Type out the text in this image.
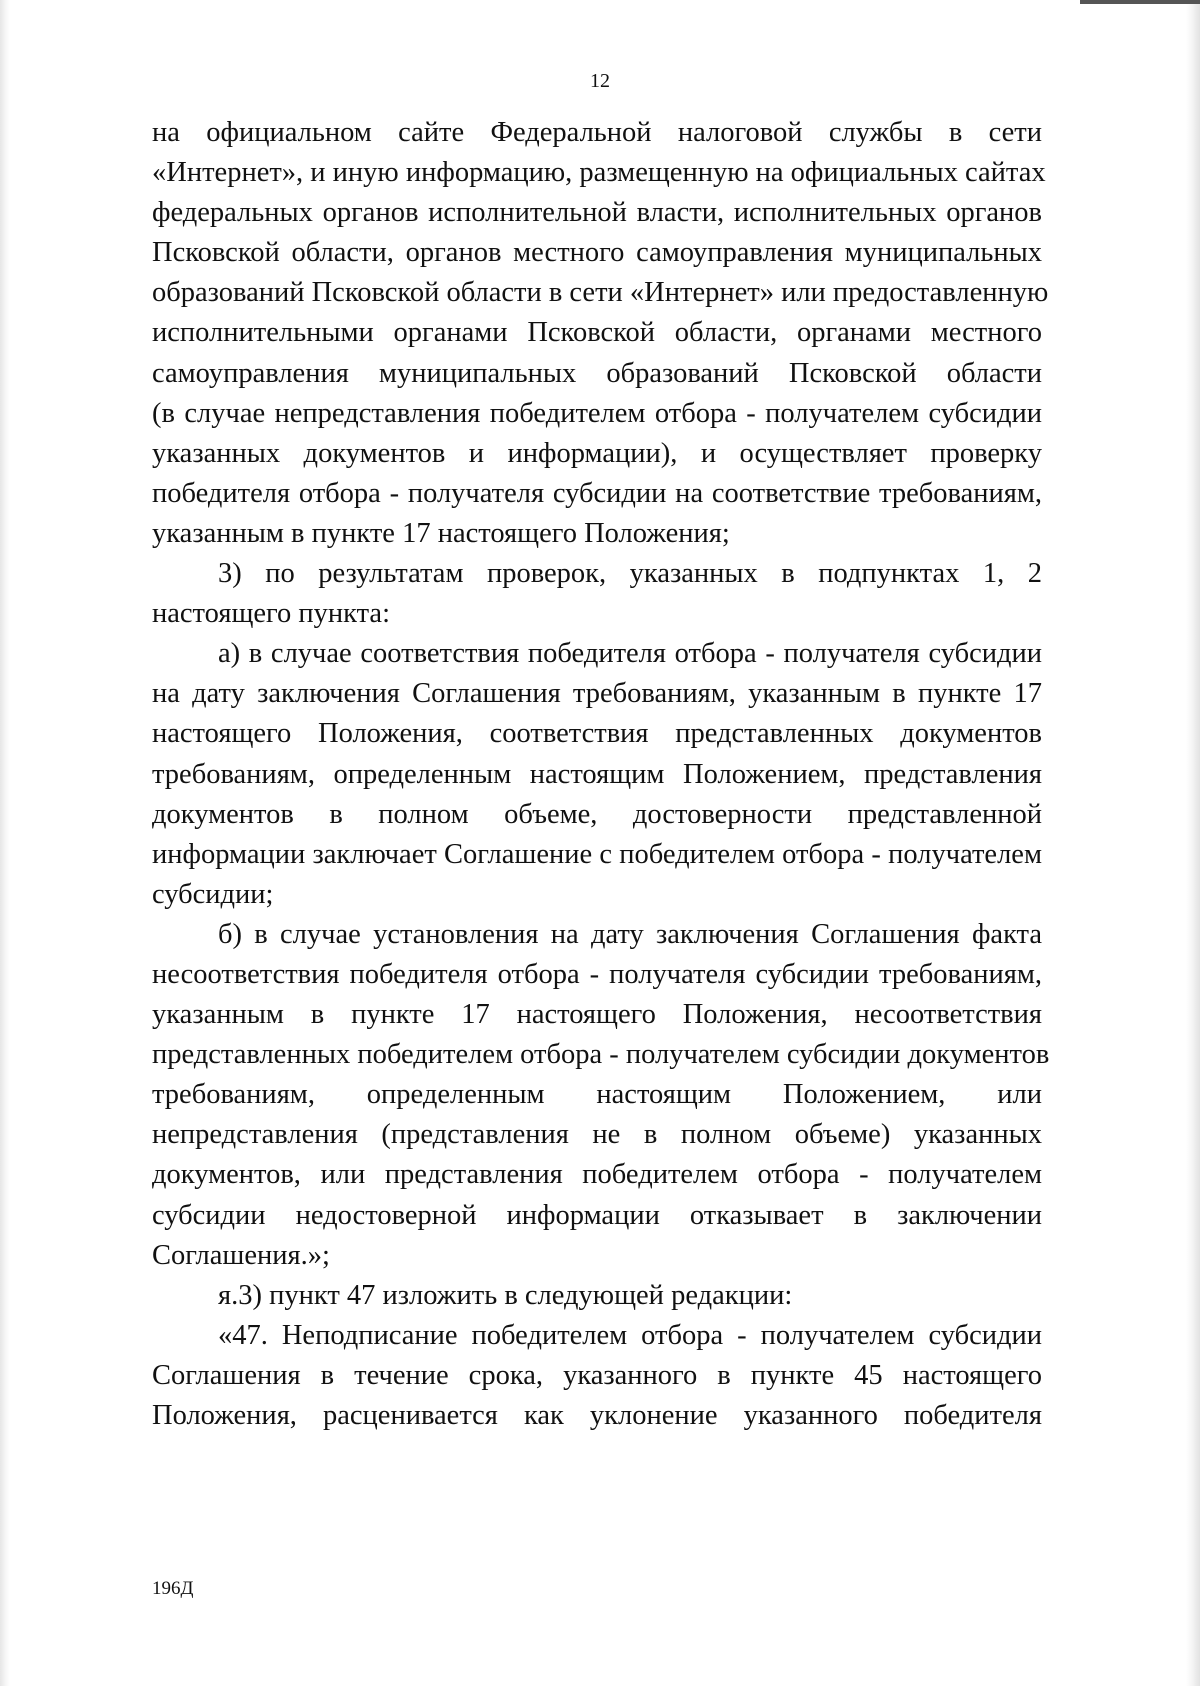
12
на официальном сайте Федеральной налоговой службы в сети
«Интернет», и иную информацию, размещенную на официальных сайтах
федеральных органов исполнительной власти, исполнительных органов
Псковской области, органов местного самоуправления муниципальных
образований Псковской области в сети «Интернет» или предоставленную
исполнительными органами Псковской области, органами местного
самоуправления муниципальных образований Псковской области
(в случае непредставления победителем отбора - получателем субсидии
указанных документов и информации), и осуществляет проверку
победителя отбора - получателя субсидии на соответствие требованиям,
указанным в пункте 17 настоящего Положения;
3) по результатам проверок, указанных в подпунктах 1, 2
настоящего пункта:
а) в случае соответствия победителя отбора - получателя субсидии
на дату заключения Соглашения требованиям, указанным в пункте 17
настоящего Положения, соответствия представленных документов
требованиям, определенным настоящим Положением, представления
документов в полном объеме, достоверности представленной
информации заключает Соглашение с победителем отбора - получателем
субсидии;
б) в случае установления на дату заключения Соглашения факта
несоответствия победителя отбора - получателя субсидии требованиям,
указанным в пункте 17 настоящего Положения, несоответствия
представленных победителем отбора - получателем субсидии документов
требованиям, определенным настоящим Положением, или
непредставления (представления не в полном объеме) указанных
документов, или представления победителем отбора - получателем
субсидии недостоверной информации отказывает в заключении
Соглашения.»;
я.3) пункт 47 изложить в следующей редакции:
«47. Неподписание победителем отбора - получателем субсидии
Соглашения в течение срока, указанного в пункте 45 настоящего
Положения, расценивается как уклонение указанного победителя
196Д
